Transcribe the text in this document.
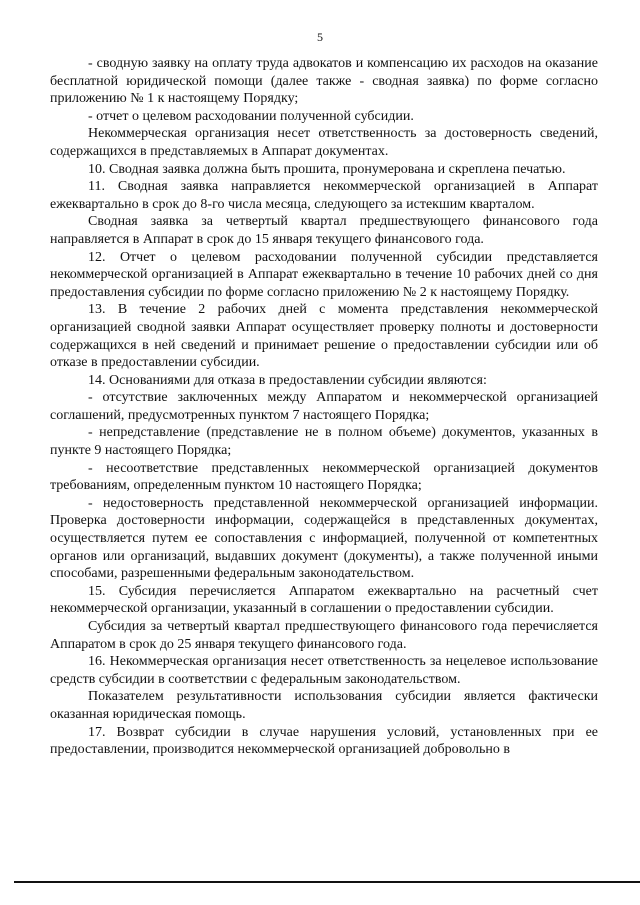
5

- сводную заявку на оплату труда адвокатов и компенсацию их расходов на оказание бесплатной юридической помощи (далее также - сводная заявка) по форме согласно приложению № 1 к настоящему Порядку;

- отчет о целевом расходовании полученной субсидии.

Некоммерческая организация несет ответственность за достоверность сведений, содержащихся в представляемых в Аппарат документах.

10. Сводная заявка должна быть прошита, пронумерована и скреплена печатью.

11. Сводная заявка направляется некоммерческой организацией в Аппарат ежеквартально в срок до 8-го числа месяца, следующего за истекшим кварталом.

Сводная заявка за четвертый квартал предшествующего финансового года направляется в Аппарат в срок до 15 января текущего финансового года.

12. Отчет о целевом расходовании полученной субсидии представляется некоммерческой организацией в Аппарат ежеквартально в течение 10 рабочих дней со дня предоставления субсидии по форме согласно приложению № 2 к настоящему Порядку.

13. В течение 2 рабочих дней с момента представления некоммерческой организацией сводной заявки Аппарат осуществляет проверку полноты и достоверности содержащихся в ней сведений и принимает решение о предоставлении субсидии или об отказе в предоставлении субсидии.

14. Основаниями для отказа в предоставлении субсидии являются:

- отсутствие заключенных между Аппаратом и некоммерческой организацией соглашений, предусмотренных пунктом 7 настоящего Порядка;

- непредставление (представление не в полном объеме) документов, указанных в пункте 9 настоящего Порядка;

- несоответствие представленных некоммерческой организацией документов требованиям, определенным пунктом 10 настоящего Порядка;

- недостоверность представленной некоммерческой организацией информации. Проверка достоверности информации, содержащейся в представленных документах, осуществляется путем ее сопоставления с информацией, полученной от компетентных органов или организаций, выдавших документ (документы), а также полученной иными способами, разрешенными федеральным законодательством.

15. Субсидия перечисляется Аппаратом ежеквартально на расчетный счет некоммерческой организации, указанный в соглашении о предоставлении субсидии.

Субсидия за четвертый квартал предшествующего финансового года перечисляется Аппаратом в срок до 25 января текущего финансового года.

16. Некоммерческая организация несет ответственность за нецелевое использование средств субсидии в соответствии с федеральным законодательством.

Показателем результативности использования субсидии является фактически оказанная юридическая помощь.

17. Возврат субсидии в случае нарушения условий, установленных при ее предоставлении, производится некоммерческой организацией добровольно в
